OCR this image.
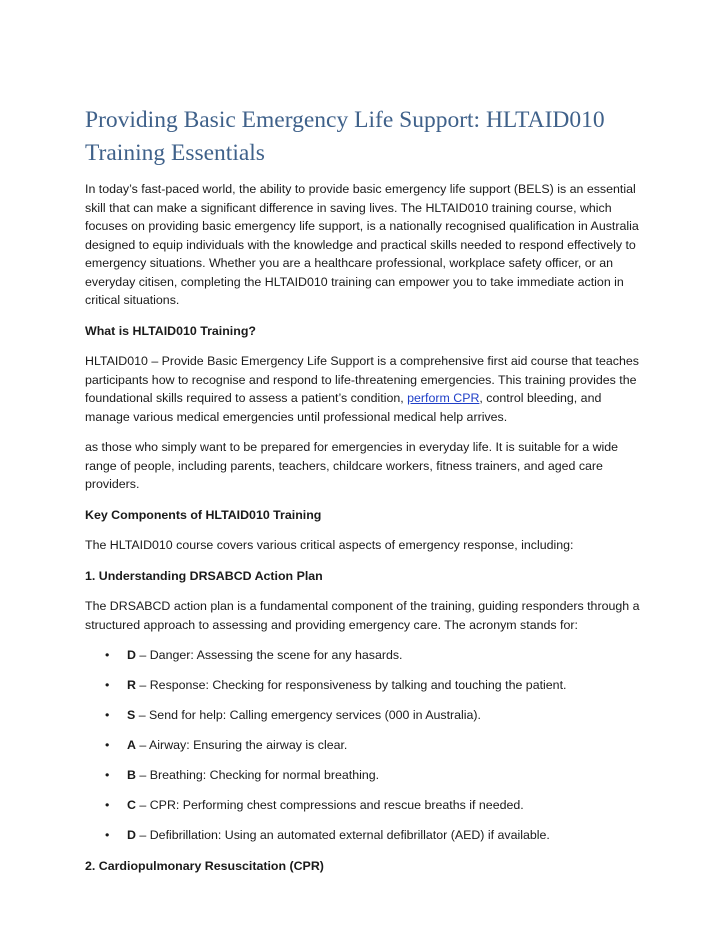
Providing Basic Emergency Life Support: HLTAID010 Training Essentials

In today’s fast-paced world, the ability to provide basic emergency life support (BELS) is an essential skill that can make a significant difference in saving lives. The HLTAID010 training course, which focuses on providing basic emergency life support, is a nationally recognised qualification in Australia designed to equip individuals with the knowledge and practical skills needed to respond effectively to emergency situations. Whether you are a healthcare professional, workplace safety officer, or an everyday citisen, completing the HLTAID010 training can empower you to take immediate action in critical situations.

What is HLTAID010 Training?

HLTAID010 – Provide Basic Emergency Life Support is a comprehensive first aid course that teaches participants how to recognise and respond to life-threatening emergencies. This training provides the foundational skills required to assess a patient’s condition, perform CPR, control bleeding, and manage various medical emergencies until professional medical help arrives.

as those who simply want to be prepared for emergencies in everyday life. It is suitable for a wide range of people, including parents, teachers, childcare workers, fitness trainers, and aged care providers.

Key Components of HLTAID010 Training

The HLTAID010 course covers various critical aspects of emergency response, including:

1. Understanding DRSABCD Action Plan

The DRSABCD action plan is a fundamental component of the training, guiding responders through a structured approach to assessing and providing emergency care. The acronym stands for:

• D – Danger: Assessing the scene for any hasards.
• R – Response: Checking for responsiveness by talking and touching the patient.
• S – Send for help: Calling emergency services (000 in Australia).
• A – Airway: Ensuring the airway is clear.
• B – Breathing: Checking for normal breathing.
• C – CPR: Performing chest compressions and rescue breaths if needed.
• D – Defibrillation: Using an automated external defibrillator (AED) if available.

2. Cardiopulmonary Resuscitation (CPR)
